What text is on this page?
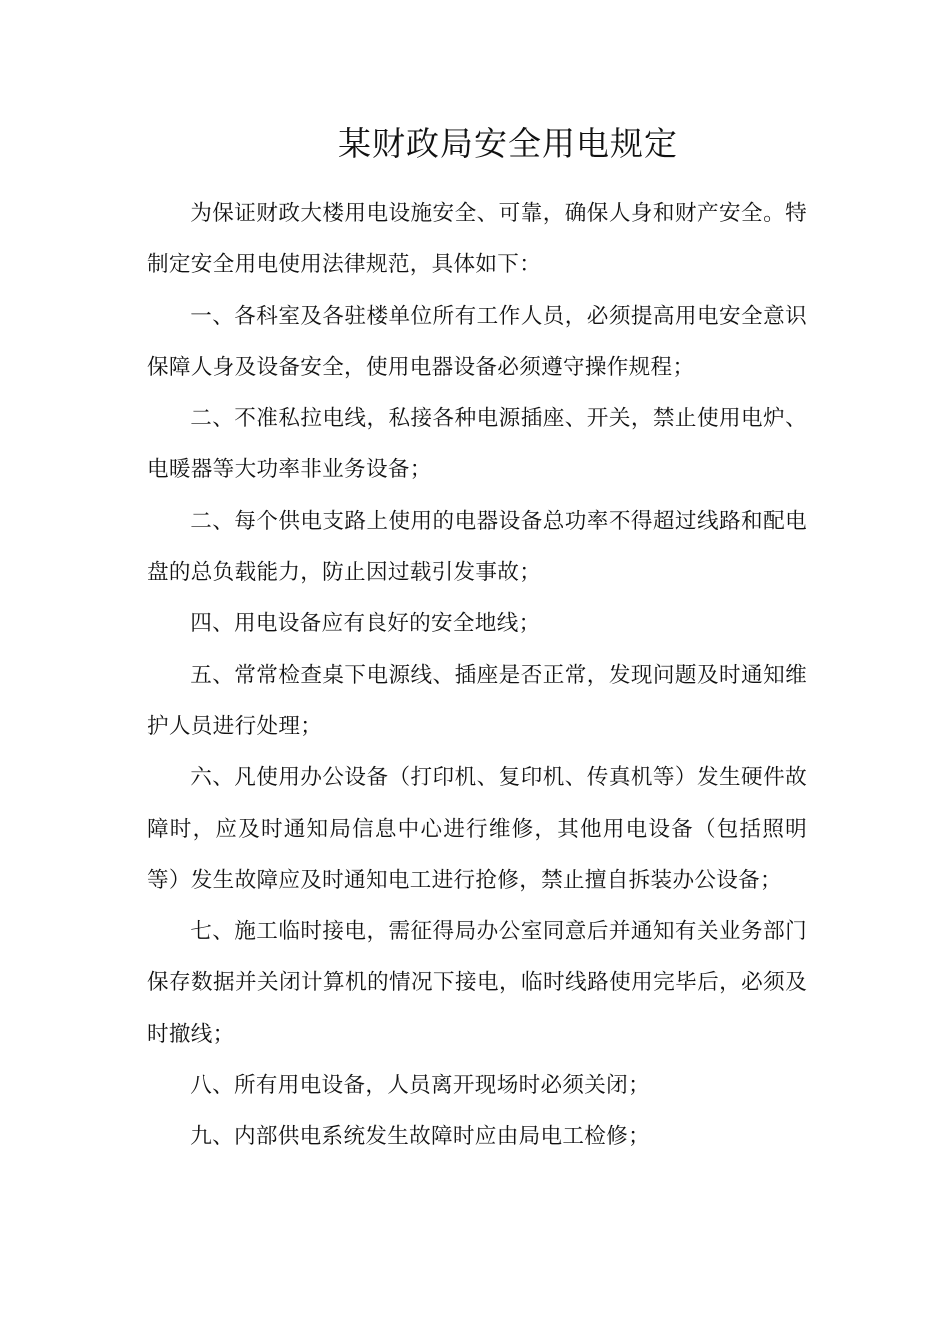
某财政局安全用电规定

为保证财政大楼用电设施安全、可靠，确保人身和财产安全。特制定安全用电使用法律规范，具体如下：

一、各科室及各驻楼单位所有工作人员，必须提高用电安全意识保障人身及设备安全，使用电器设备必须遵守操作规程；

二、不准私拉电线，私接各种电源插座、开关，禁止使用电炉、电暖器等大功率非业务设备；

二、每个供电支路上使用的电器设备总功率不得超过线路和配电盘的总负载能力，防止因过载引发事故；

四、用电设备应有良好的安全地线；

五、常常检查桌下电源线、插座是否正常，发现问题及时通知维护人员进行处理；

六、凡使用办公设备（打印机、复印机、传真机等）发生硬件故障时，应及时通知局信息中心进行维修，其他用电设备（包括照明等）发生故障应及时通知电工进行抢修，禁止擅自拆装办公设备；

七、施工临时接电，需征得局办公室同意后并通知有关业务部门保存数据并关闭计算机的情况下接电，临时线路使用完毕后，必须及时撤线；

八、所有用电设备，人员离开现场时必须关闭；

九、内部供电系统发生故障时应由局电工检修；
